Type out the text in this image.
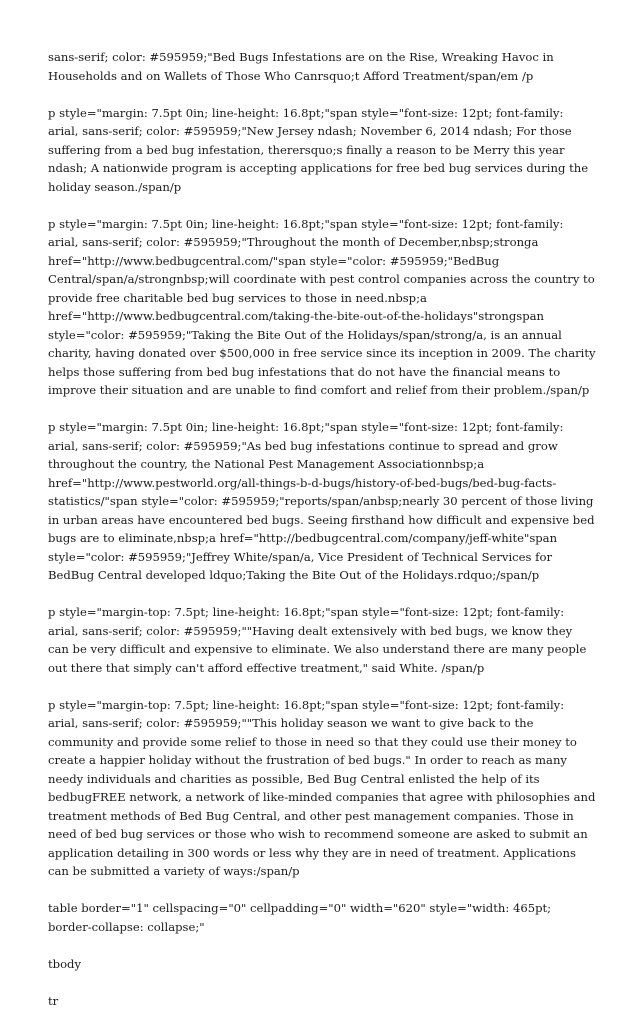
sans-serif; color: #595959;"Bed Bugs Infestations are on the Rise, Wreaking Havoc in Households and on Wallets of Those Who Canrsquo;t Afford Treatment/span/em /p

p style="margin: 7.5pt 0in; line-height: 16.8pt;"span style="font-size: 12pt; font-family: arial, sans-serif; color: #595959;"New Jersey ndash; November 6, 2014 ndash; For those suffering from a bed bug infestation, therersquo;s finally a reason to be Merry this year ndash; A nationwide program is accepting applications for free bed bug services during the holiday season./span/p

p style="margin: 7.5pt 0in; line-height: 16.8pt;"span style="font-size: 12pt; font-family: arial, sans-serif; color: #595959;"Throughout the month of December,nbsp;stronga href="http://www.bedbugcentral.com/"span style="color: #595959;"BedBug Central/span/a/strongnbsp;will coordinate with pest control companies across the country to provide free charitable bed bug services to those in need.nbsp;a href="http://www.bedbugcentral.com/taking-the-bite-out-of-the-holidays"strongspan style="color: #595959;"Taking the Bite Out of the Holidays/span/strong/a, is an annual charity, having donated over $500,000 in free service since its inception in 2009. The charity helps those suffering from bed bug infestations that do not have the financial means to improve their situation and are unable to find comfort and relief from their problem./span/p

p style="margin: 7.5pt 0in; line-height: 16.8pt;"span style="font-size: 12pt; font-family: arial, sans-serif; color: #595959;"As bed bug infestations continue to spread and grow throughout the country, the National Pest Management Associationnbsp;a href="http://www.pestworld.org/all-things-b-d-bugs/history-of-bed-bugs/bed-bug-facts-statistics/"span style="color: #595959;"reports/span/anbsp;nearly 30 percent of those living in urban areas have encountered bed bugs. Seeing firsthand how difficult and expensive bed bugs are to eliminate,nbsp;a href="http://bedbugcentral.com/company/jeff-white"span style="color: #595959;"Jeffrey White/span/a, Vice President of Technical Services for BedBug Central developed ldquo;Taking the Bite Out of the Holidays.rdquo;/span/p

p style="margin-top: 7.5pt; line-height: 16.8pt;"span style="font-size: 12pt; font-family: arial, sans-serif; color: #595959;""Having dealt extensively with bed bugs, we know they can be very difficult and expensive to eliminate. We also understand there are many people out there that simply can't afford effective treatment," said White. /span/p

p style="margin-top: 7.5pt; line-height: 16.8pt;"span style="font-size: 12pt; font-family: arial, sans-serif; color: #595959;""This holiday season we want to give back to the community and provide some relief to those in need so that they could use their money to create a happier holiday without the frustration of bed bugs." In order to reach as many needy individuals and charities as possible, Bed Bug Central enlisted the help of its bedbugFREE network, a network of like-minded companies that agree with philosophies and treatment methods of Bed Bug Central, and other pest management companies. Those in need of bed bug services or those who wish to recommend someone are asked to submit an application detailing in 300 words or less why they are in need of treatment. Applications can be submitted a variety of ways:/span/p

table border="1" cellspacing="0" cellpadding="0" width="620" style="width: 465pt; border-collapse: collapse;"

tbody

tr
